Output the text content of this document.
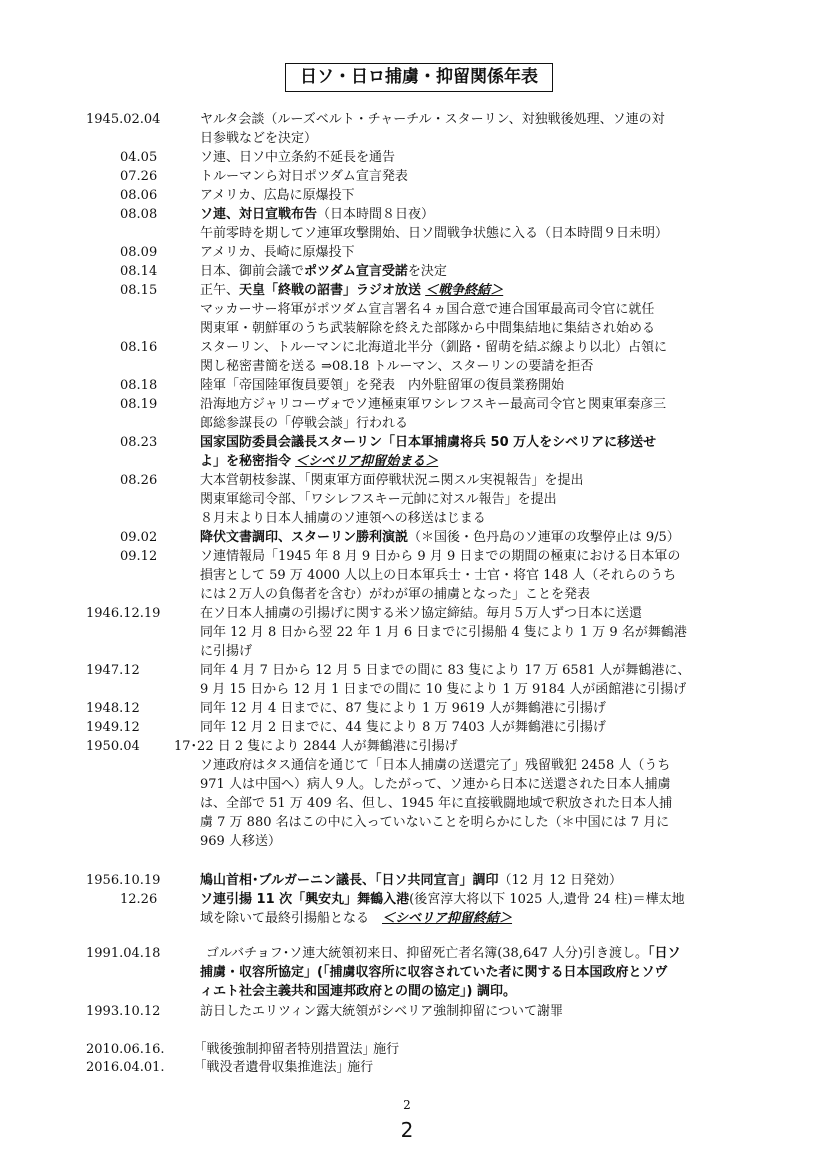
日ソ・日ロ捕虜・抑留関係年表
1945.02.04	ヤルタ会談（ルーズベルト・チャーチル・スターリン、対独戦後処理、ソ連の対
日参戦などを決定）
04.05	ソ連、日ソ中立条約不延長を通告
07.26	トルーマンら対日ポツダム宣言発表
08.06	アメリカ、広島に原爆投下
08.08	ソ連、対日宣戦布告（日本時間８日夜）
午前零時を期してソ連軍攻撃開始、日ソ間戦争状態に入る（日本時間９日未明）
08.09	アメリカ、長崎に原爆投下
08.14	日本、御前会議でポツダム宣言受諾を決定
08.15	正午、天皇「終戦の詔書」ラジオ放送 ＜戦争終結＞
マッカーサー将軍がポツダム宣言署名４ヵ国合意で連合国軍最高司令官に就任
関東軍・朝鮮軍のうち武装解除を終えた部隊から中間集結地に集結され始める
08.16	スターリン、トルーマンに北海道北半分（釧路・留萌を結ぶ線より以北）占領に
関し秘密書簡を送る ⇒08.18 トルーマン、スターリンの要請を拒否
08.18	陸軍「帝国陸軍復員要領」を発表　内外駐留軍の復員業務開始
08.19	沿海地方ジャリコーヴォでソ連極東軍ワシレフスキー最高司令官と関東軍秦彦三
郎総参謀長の「停戦会談」行われる
08.23	国家国防委員会議長スターリン「日本軍捕虜将兵 50 万人をシベリアに移送せ
よ」を秘密指令 ＜シベリア抑留始まる＞
08.26	大本営朝枝参謀、「関東軍方面停戦状況ニ関スル実視報告」を提出
関東軍総司令部、「ワシレフスキー元帥に対スル報告」を提出
８月末より日本人捕虜のソ連領への移送はじまる
09.02	降伏文書調印、スターリン勝利演説（＊国後・色丹島のソ連軍の攻撃停止は 9/5）
09.12	ソ連情報局「1945 年 8 月 9 日から 9 月 9 日までの期間の極東における日本軍の
損害として 59 万 4000 人以上の日本軍兵士・士官・将官 148 人（それらのうち
には２万人の負傷者を含む）がわが軍の捕虜となった」ことを発表
1946.12.19	在ソ日本人捕虜の引揚げに関する米ソ協定締結。毎月５万人ずつ日本に送還
同年 12 月 8 日から翌 22 年 1 月 6 日までに引揚船 4 隻により 1 万 9 名が舞鶴港
に引揚げ
1947.12	同年 4 月 7 日から 12 月 5 日までの間に 83 隻により 17 万 6581 人が舞鶴港に、
9 月 15 日から 12 月 1 日までの間に 10 隻により 1 万 9184 人が函館港に引揚げ
1948.12	同年 12 月 4 日までに、87 隻により 1 万 9619 人が舞鶴港に引揚げ
1949.12	同年 12 月 2 日までに、44 隻により 8 万 7403 人が舞鶴港に引揚げ
1950.04	17･22 日 2 隻により 2844 人が舞鶴港に引揚げ
ソ連政府はタス通信を通じて「日本人捕虜の送還完了」残留戦犯 2458 人（うち
971 人は中国へ）病人９人。したがって、ソ連から日本に送還された日本人捕虜
は、全部で 51 万 409 名、但し、1945 年に直接戦闘地域で釈放された日本人捕
虜 7 万 880 名はこの中に入っていないことを明らかにした（＊中国には 7 月に
969 人移送）
1956.10.19	鳩山首相･ブルガーニン議長、「日ソ共同宣言」調印（12 月 12 日発効）
12.26	ソ連引揚 11 次「興安丸」舞鶴入港(後宮淳大将以下 1025 人,遺骨 24 柱)＝樺太地
域を除いて最終引揚船となる　＜シベリア抑留終結＞
1991.04.18	ゴルバチョフ･ソ連大統領初来日、抑留死亡者名簿(38,647 人分)引き渡し。「日ソ
捕虜・収容所協定」(「捕虜収容所に収容されていた者に関する日本国政府とソヴ
ィエト社会主義共和国連邦政府との間の協定」) 調印。
1993.10.12	訪日したエリツィン露大統領がシベリア強制抑留について謝罪
2010.06.16.	｢戦後強制抑留者特別措置法｣ 施行
2016.04.01.	｢戦没者遺骨収集推進法｣ 施行
2
2
